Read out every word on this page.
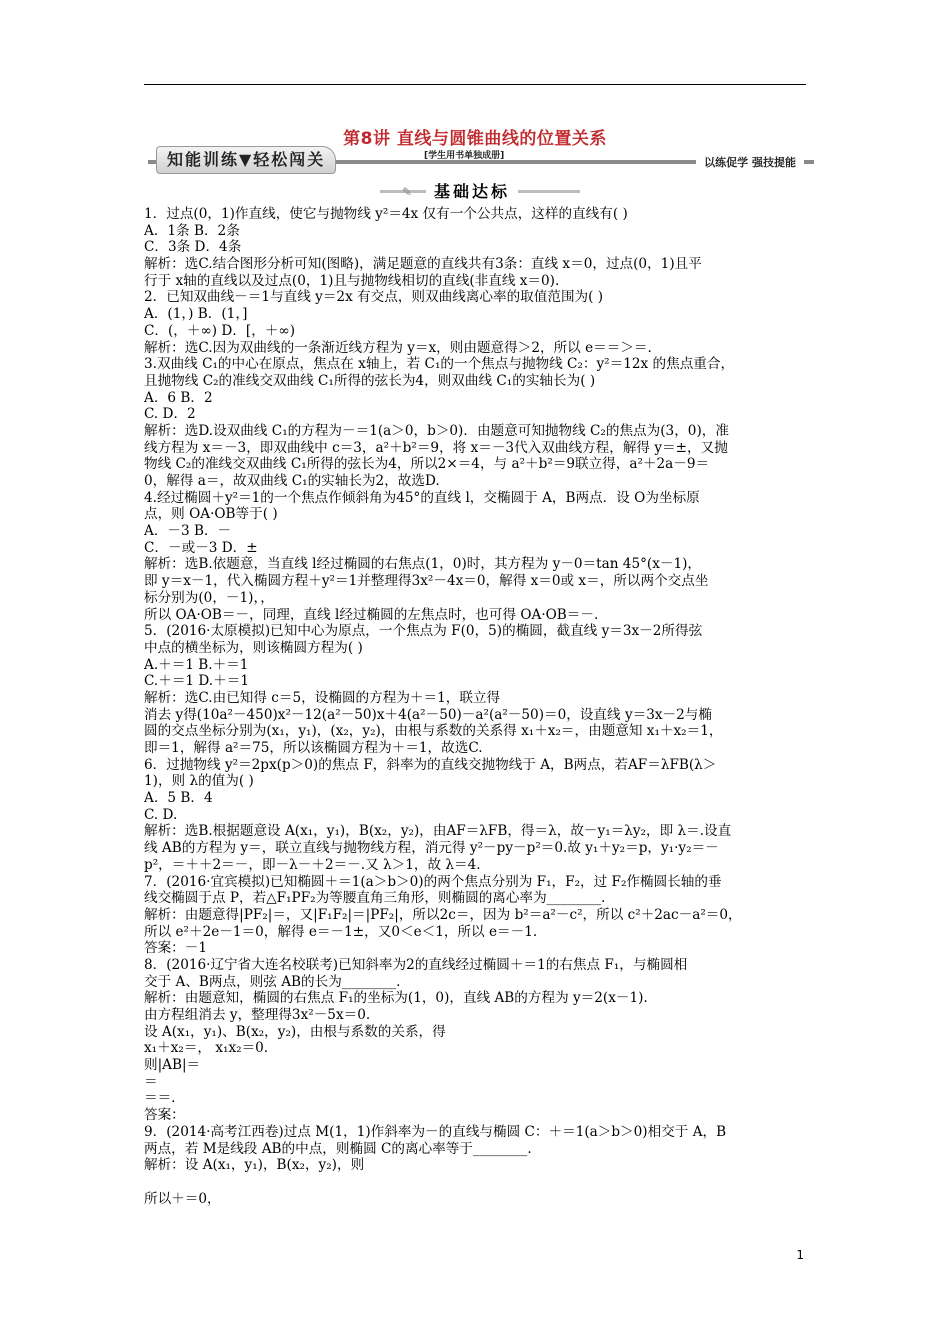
第8讲 直线与圆锥曲线的位置关系
知能训练▼轻松闯关	[学生用书单独成册]	以练促学 强技提能
✎	基础达标
1．过点(0，1)作直线，使它与抛物线 y²＝4x 仅有一个公共点，这样的直线有( )
A．1条 B．2条
C．3条 D．4条
解析：选C.结合图形分析可知(图略)，满足题意的直线共有3条：直线 x＝0，过点(0，1)且平
行于 x轴的直线以及过点(0，1)且与抛物线相切的直线(非直线 x＝0).
2．已知双曲线－＝1与直线 y＝2x 有交点，则双曲线离心率的取值范围为( )
A．(1，) B．(1，]
C．(，＋∞) D．[，＋∞)
解析：选C.因为双曲线的一条渐近线方程为 y＝x，则由题意得＞2，所以 e＝＝＞＝.
3.双曲线 C₁的中心在原点，焦点在 x轴上，若 C₁的一个焦点与抛物线 C₂：y²＝12x 的焦点重合，
且抛物线 C₂的准线交双曲线 C₁所得的弦长为4，则双曲线 C₁的实轴长为( )
A．6 B．2
C. D．2
解析：选D.设双曲线 C₁的方程为－＝1(a＞0，b＞0)．由题意可知抛物线 C₂的焦点为(3，0)，准
线方程为 x＝－3，即双曲线中 c＝3，a²＋b²＝9，将 x＝－3代入双曲线方程，解得 y＝±，又抛
物线 C₂的准线交双曲线 C₁所得的弦长为4，所以2×＝4，与 a²＋b²＝9联立得，a²＋2a－9＝
0，解得 a＝，故双曲线 C₁的实轴长为2，故选D.
4.经过椭圆＋y²＝1的一个焦点作倾斜角为45°的直线 l，交椭圆于 A，B两点．设 O为坐标原
点，则 OA·OB等于( )
A．－3 B．－
C．－或－3 D．±
解析：选B.依题意，当直线 l经过椭圆的右焦点(1，0)时，其方程为 y－0＝tan 45°(x－1)，
即 y＝x－1，代入椭圆方程＋y²＝1并整理得3x²－4x＝0，解得 x＝0或 x＝，所以两个交点坐
标分别为(0，－1)，，
所以 OA·OB＝－，同理，直线 l经过椭圆的左焦点时，也可得 OA·OB＝－.
5．(2016·太原模拟)已知中心为原点，一个焦点为 F(0，5)的椭圆，截直线 y＝3x－2所得弦
中点的横坐标为，则该椭圆方程为( )
A.＋＝1 B.＋＝1
C.＋＝1 D.＋＝1
解析：选C.由已知得 c＝5，设椭圆的方程为＋＝1，联立得
消去 y得(10a²－450)x²－12(a²－50)x＋4(a²－50)－a²(a²－50)＝0，设直线 y＝3x－2与椭
圆的交点坐标分别为(x₁，y₁)，(x₂，y₂)，由根与系数的关系得 x₁＋x₂＝，由题意知 x₁＋x₂＝1，
即＝1，解得 a²＝75，所以该椭圆方程为＋＝1，故选C.
6．过抛物线 y²＝2px(p＞0)的焦点 F，斜率为的直线交抛物线于 A，B两点，若AF＝λFB(λ＞
1)，则 λ的值为( )
A．5 B．4
C. D.
解析：选B.根据题意设 A(x₁，y₁)，B(x₂，y₂)，由AF＝λFB，得＝λ，故－y₁＝λy₂，即 λ＝.设直
线 AB的方程为 y＝，联立直线与抛物线方程，消元得 y²－py－p²＝0.故 y₁＋y₂＝p，y₁·y₂＝－
p²，＝＋＋2＝－，即－λ－＋2＝－.又 λ＞1，故 λ＝4.
7．(2016·宜宾模拟)已知椭圆＋＝1(a＞b＞0)的两个焦点分别为 F₁，F₂，过 F₂作椭圆长轴的垂
线交椭圆于点 P，若△F₁PF₂为等腰直角三角形，则椭圆的离心率为________.
解析：由题意得|PF₂|＝，又|F₁F₂|＝|PF₂|，所以2c＝，因为 b²＝a²－c²，所以 c²＋2ac－a²＝0，
所以 e²＋2e－1＝0，解得 e＝－1±，又0＜e＜1，所以 e＝－1.
答案：－1
8．(2016·辽宁省大连名校联考)已知斜率为2的直线经过椭圆＋＝1的右焦点 F₁，与椭圆相
交于 A、B两点，则弦 AB的长为________.
解析：由题意知，椭圆的右焦点 F₁的坐标为(1，0)，直线 AB的方程为 y＝2(x－1).
由方程组消去 y，整理得3x²－5x＝0.
设 A(x₁，y₁)、B(x₂，y₂)，由根与系数的关系，得
x₁＋x₂＝， x₁x₂＝0.
则|AB|＝
＝
＝＝.
答案：
9．(2014·高考江西卷)过点 M(1，1)作斜率为－的直线与椭圆 C：＋＝1(a＞b＞0)相交于 A，B
两点，若 M是线段 AB的中点，则椭圆 C的离心率等于________.
解析：设 A(x₁，y₁)，B(x₂，y₂)，则
所以＋＝0，
1
